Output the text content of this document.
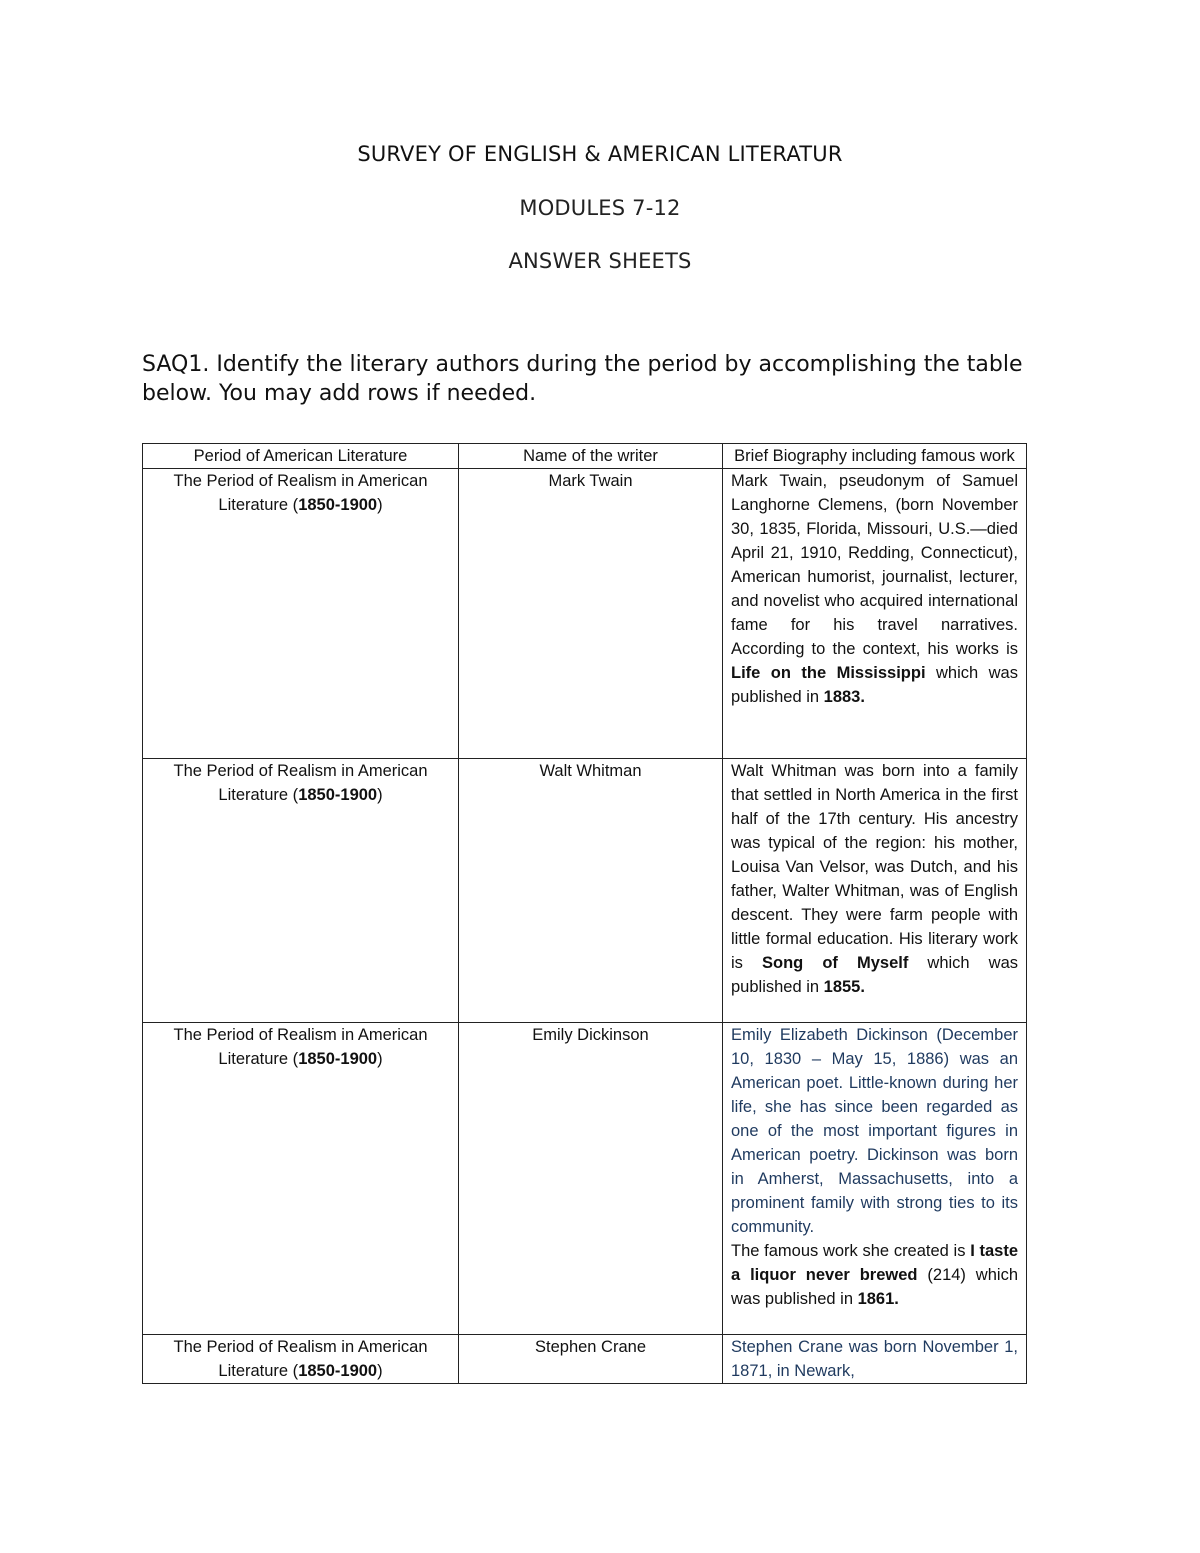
SURVEY OF ENGLISH & AMERICAN LITERATUR
MODULES 7-12
ANSWER SHEETS
SAQ1. Identify the literary authors during the period by accomplishing the table below. You may add rows if needed.
Period of American Literature	Name of the writer	Brief Biography including famous work
The Period of Realism in American Literature (1850-1900)	Mark Twain	Mark Twain, pseudonym of Samuel Langhorne Clemens, (born November 30, 1835, Florida, Missouri, U.S.—died April 21, 1910, Redding, Connecticut), American humorist, journalist, lecturer, and novelist who acquired international fame for his travel narratives. According to the context, his works is Life on the Mississippi which was published in 1883.
The Period of Realism in American Literature (1850-1900)	Walt Whitman	Walt Whitman was born into a family that settled in North America in the first half of the 17th century. His ancestry was typical of the region: his mother, Louisa Van Velsor, was Dutch, and his father, Walter Whitman, was of English descent. They were farm people with little formal education. His literary work is Song of Myself which was published in 1855.
The Period of Realism in American Literature (1850-1900)	Emily Dickinson	Emily Elizabeth Dickinson (December 10, 1830 – May 15, 1886) was an American poet. Little-known during her life, she has since been regarded as one of the most important figures in American poetry. Dickinson was born in Amherst, Massachusetts, into a prominent family with strong ties to its community.

The famous work she created is I taste a liquor never brewed (214) which was published in 1861.

The Period of Realism in American Literature (1850-1900)	Stephen Crane	Stephen Crane was born November 1, 1871, in Newark,
